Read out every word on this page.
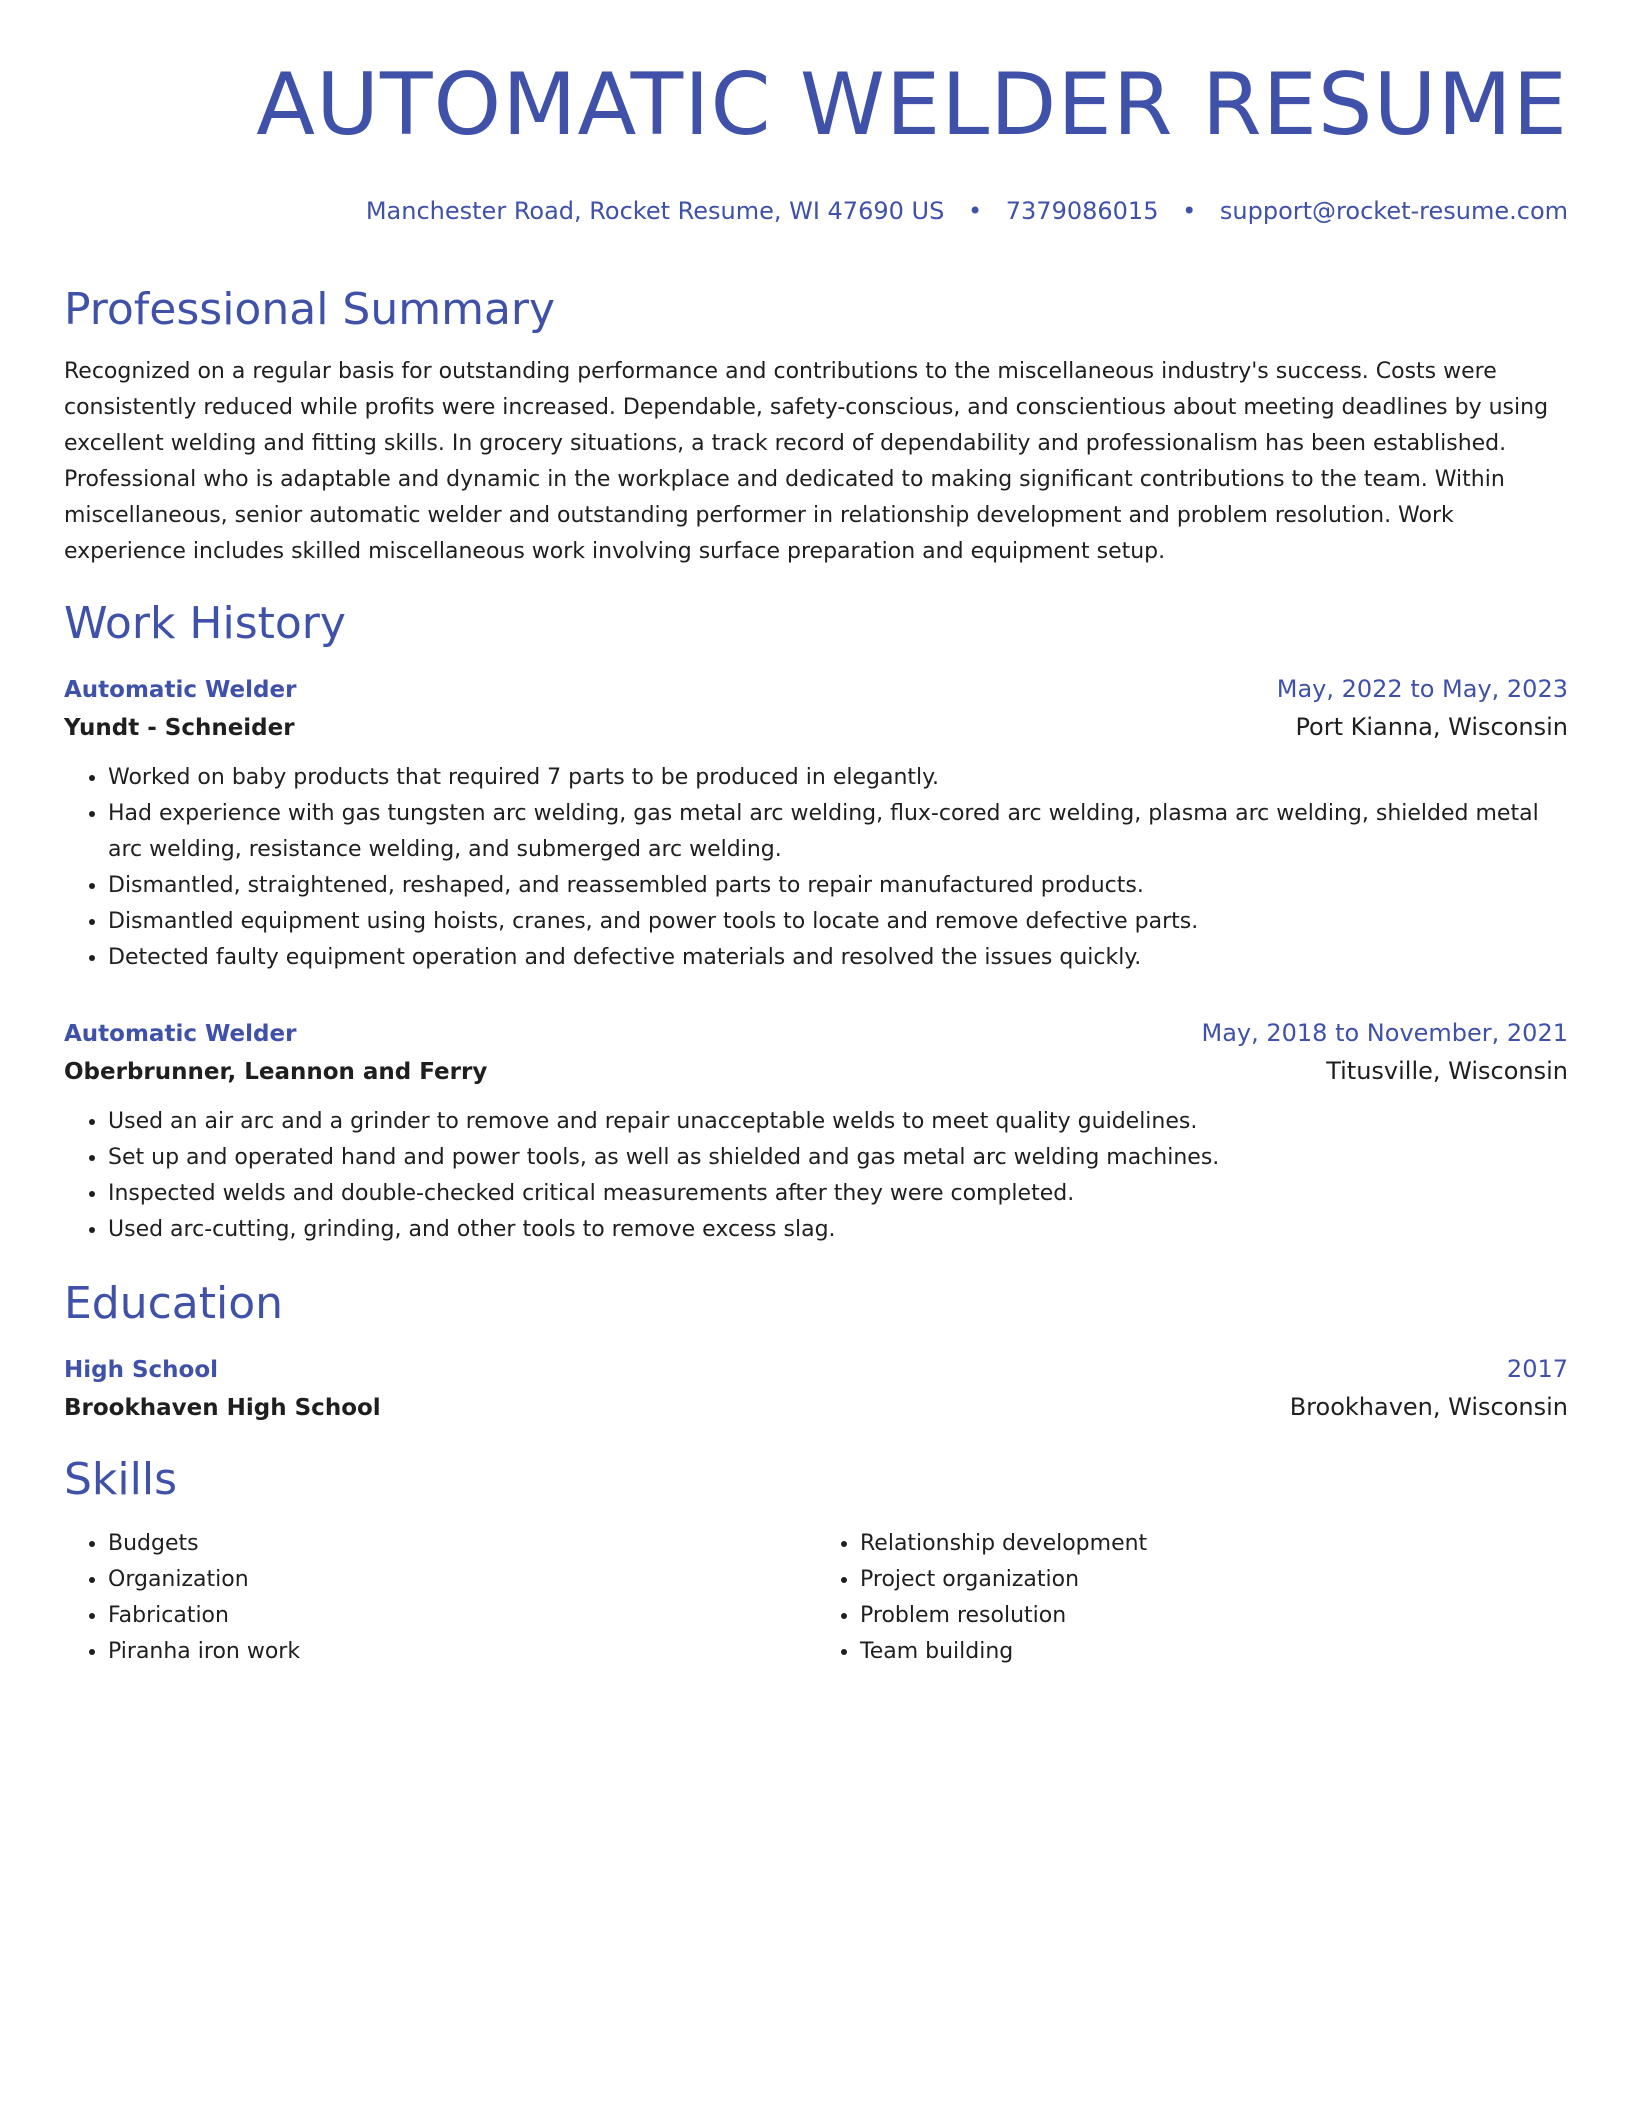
AUTOMATIC WELDER RESUME
Manchester Road, Rocket Resume, WI 47690 US • 7379086015 • support@rocket-resume.com
Professional Summary
Recognized on a regular basis for outstanding performance and contributions to the miscellaneous industry's success. Costs were consistently reduced while profits were increased. Dependable, safety-conscious, and conscientious about meeting deadlines by using excellent welding and fitting skills. In grocery situations, a track record of dependability and professionalism has been established. Professional who is adaptable and dynamic in the workplace and dedicated to making significant contributions to the team. Within miscellaneous, senior automatic welder and outstanding performer in relationship development and problem resolution. Work experience includes skilled miscellaneous work involving surface preparation and equipment setup.
Work History
Automatic Welder	May, 2022 to May, 2023
Yundt - Schneider	Port Kianna, Wisconsin
• Worked on baby products that required 7 parts to be produced in elegantly.
• Had experience with gas tungsten arc welding, gas metal arc welding, flux-cored arc welding, plasma arc welding, shielded metal arc welding, resistance welding, and submerged arc welding.
• Dismantled, straightened, reshaped, and reassembled parts to repair manufactured products.
• Dismantled equipment using hoists, cranes, and power tools to locate and remove defective parts.
• Detected faulty equipment operation and defective materials and resolved the issues quickly.
Automatic Welder	May, 2018 to November, 2021
Oberbrunner, Leannon and Ferry	Titusville, Wisconsin
• Used an air arc and a grinder to remove and repair unacceptable welds to meet quality guidelines.
• Set up and operated hand and power tools, as well as shielded and gas metal arc welding machines.
• Inspected welds and double-checked critical measurements after they were completed.
• Used arc-cutting, grinding, and other tools to remove excess slag.
Education
High School	2017
Brookhaven High School	Brookhaven, Wisconsin
Skills
• Budgets
• Organization
• Fabrication
• Piranha iron work
• Relationship development
• Project organization
• Problem resolution
• Team building
